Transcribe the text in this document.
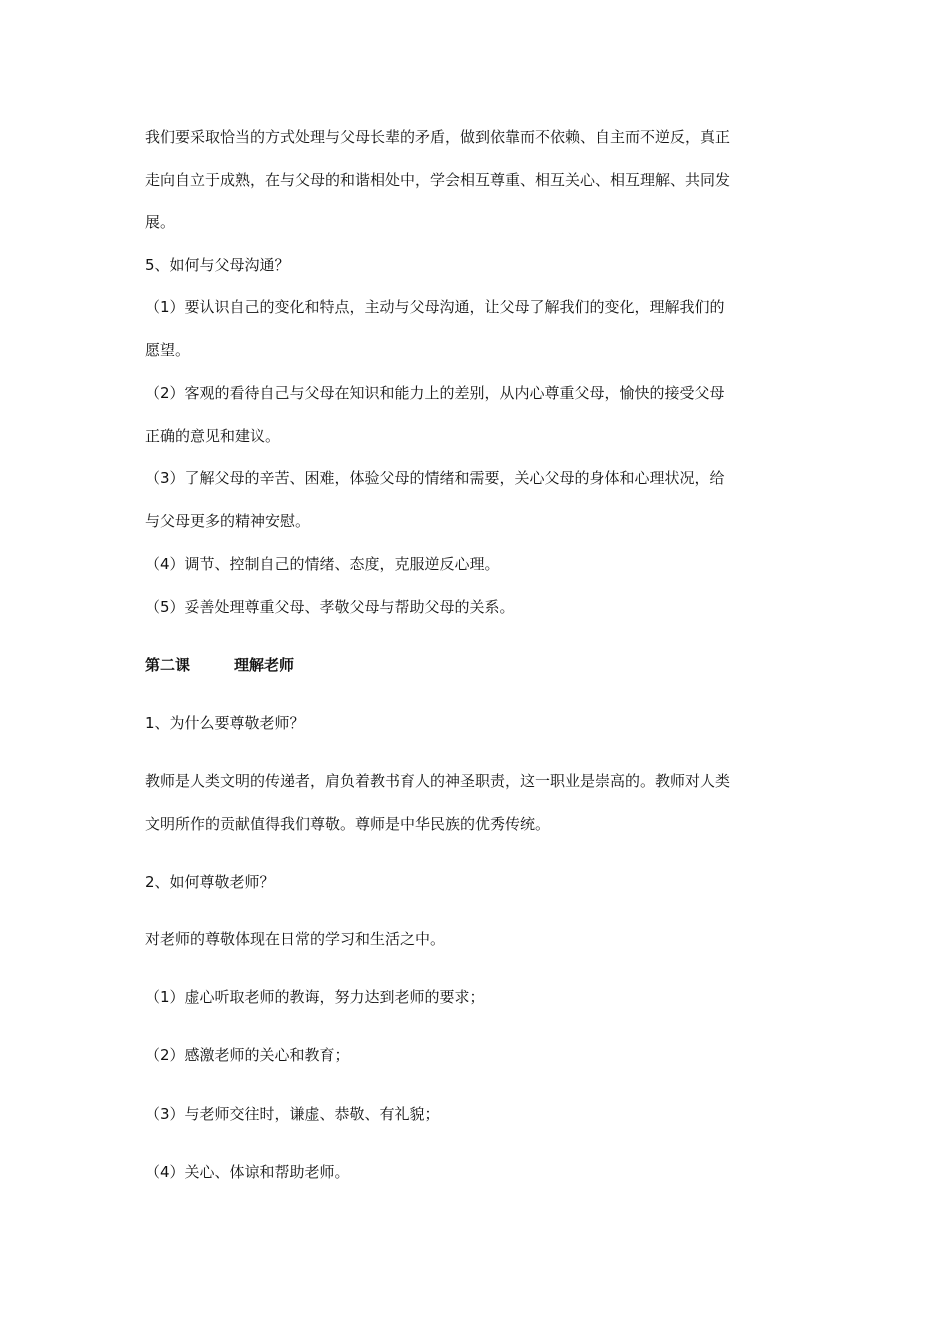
我们要采取恰当的方式处理与父母长辈的矛盾，做到依靠而不依赖、自主而不逆反，真正
走向自立于成熟，在与父母的和谐相处中，学会相互尊重、相互关心、相互理解、共同发
展。
5、如何与父母沟通？
（1）要认识自己的变化和特点，主动与父母沟通，让父母了解我们的变化，理解我们的
愿望。
（2）客观的看待自己与父母在知识和能力上的差别，从内心尊重父母，愉快的接受父母
正确的意见和建议。
（3）了解父母的辛苦、困难，体验父母的情绪和需要，关心父母的身体和心理状况，给
与父母更多的精神安慰。
（4）调节、控制自己的情绪、态度，克服逆反心理。
（5）妥善处理尊重父母、孝敬父母与帮助父母的关系。
第二课	理解老师
1、为什么要尊敬老师？
教师是人类文明的传递者，肩负着教书育人的神圣职责，这一职业是崇高的。教师对人类
文明所作的贡献值得我们尊敬。尊师是中华民族的优秀传统。
2、如何尊敬老师？
对老师的尊敬体现在日常的学习和生活之中。
（1）虚心听取老师的教诲，努力达到老师的要求；
（2）感激老师的关心和教育；
（3）与老师交往时，谦虚、恭敬、有礼貌；
（4）关心、体谅和帮助老师。
